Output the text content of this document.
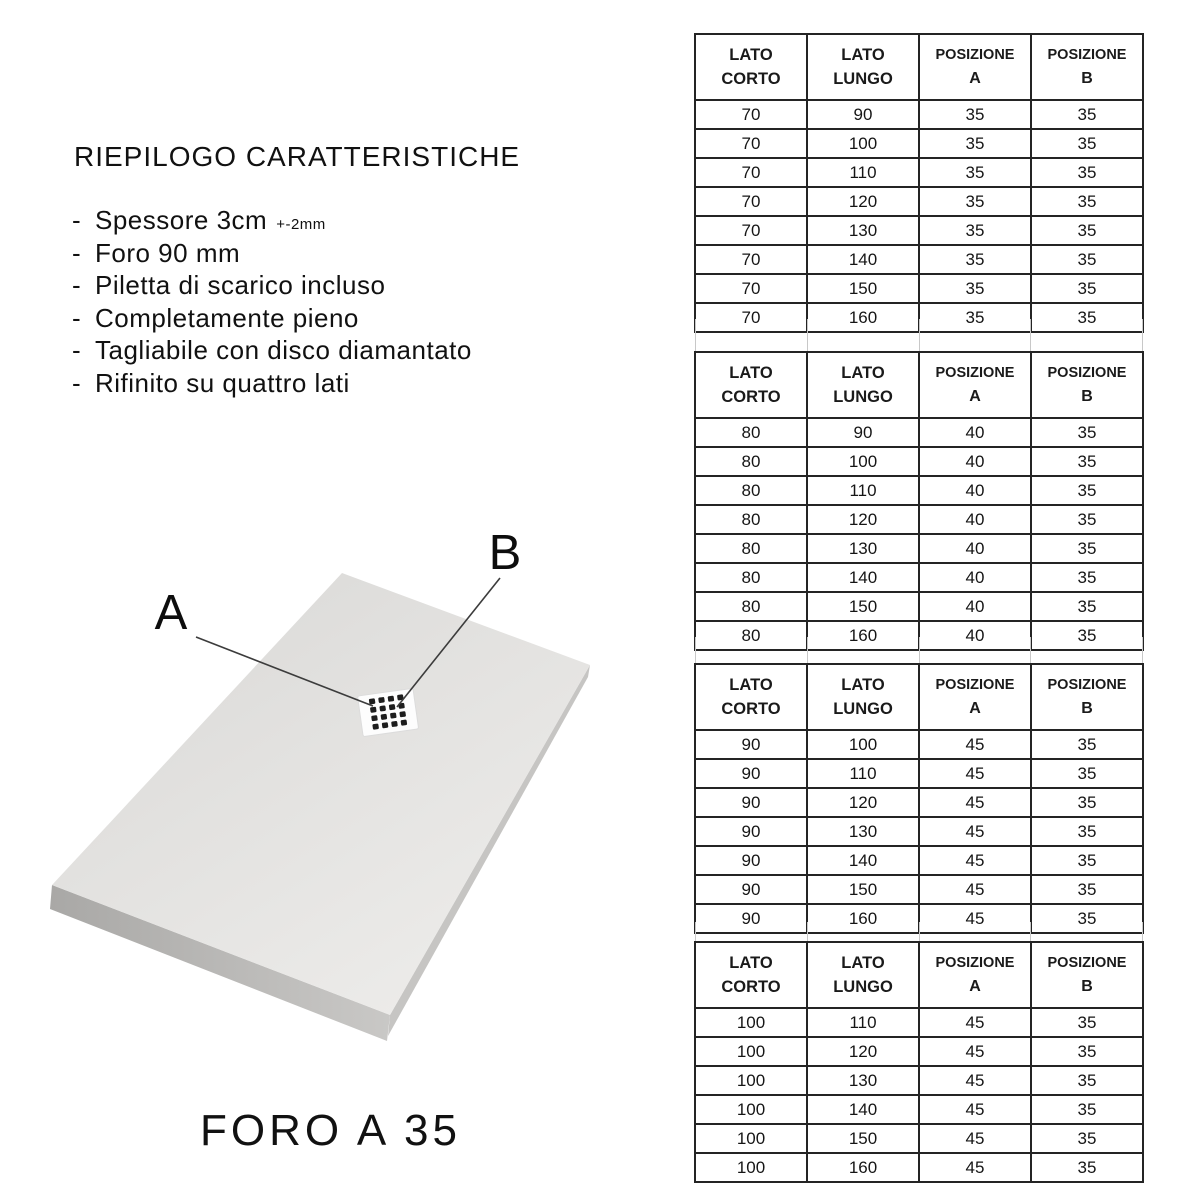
RIEPILOGO CARATTERISTICHE
- Spessore 3cm +-2mm
- Foro 90 mm
- Piletta di scarico incluso
- Completamente pieno
- Tagliabile con disco diamantato
- Rifinito su quattro lati
A
B
FORO A 35
LATO
CORTO

LATO
LUNGO

POSIZIONE
A

POSIZIONE
B

70	90	35	35
70	100	35	35
70	110	35	35
70	120	35	35
70	130	35	35
70	140	35	35
70	150	35	35
70	160	35	35
LATO
CORTO

LATO
LUNGO

POSIZIONE
A

POSIZIONE
B

80	90	40	35
80	100	40	35
80	110	40	35
80	120	40	35
80	130	40	35
80	140	40	35
80	150	40	35
80	160	40	35
LATO
CORTO

LATO
LUNGO

POSIZIONE
A

POSIZIONE
B

90	100	45	35
90	110	45	35
90	120	45	35
90	130	45	35
90	140	45	35
90	150	45	35
90	160	45	35
LATO
CORTO

LATO
LUNGO

POSIZIONE
A

POSIZIONE
B

100	110	45	35
100	120	45	35
100	130	45	35
100	140	45	35
100	150	45	35
100	160	45	35
